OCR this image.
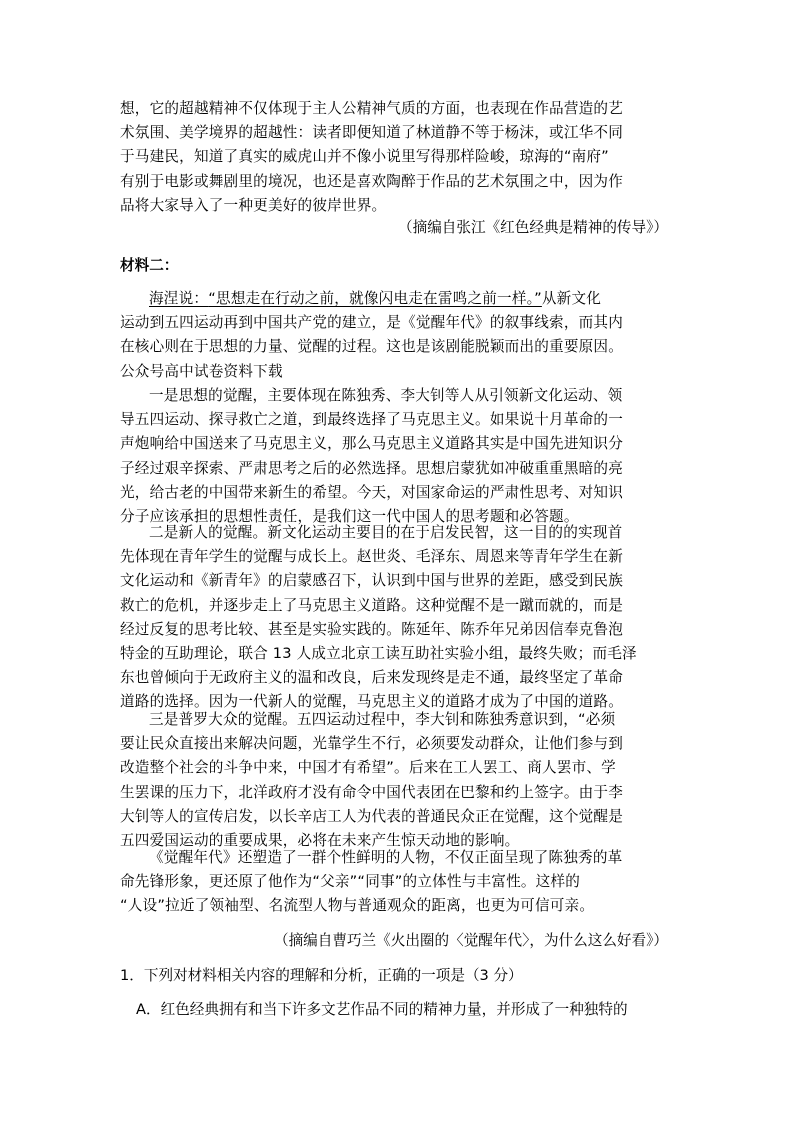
想，它的超越精神不仅体现于主人公精神气质的方面，也表现在作品营造的艺
术氛围、美学境界的超越性：读者即便知道了林道静不等于杨沫，或江华不同
于马建民，知道了真实的威虎山并不像小说里写得那样险峻，琼海的“南府”
有别于电影或舞剧里的境况，也还是喜欢陶醉于作品的艺术氛围之中，因为作
品将大家导入了一种更美好的彼岸世界。

（摘编自张江《红色经典是精神的传导》）
材料二：

海涅说：“思想走在行动之前，就像闪电走在雷鸣之前一样。”从新文化
运动到五四运动再到中国共产党的建立，是《觉醒年代》的叙事线索，而其内
在核心则在于思想的力量、觉醒的过程。这也是该剧能脱颖而出的重要原因。
公众号高中试卷资料下载

一是思想的觉醒，主要体现在陈独秀、李大钊等人从引领新文化运动、领
导五四运动、探寻救亡之道，到最终选择了马克思主义。如果说十月革命的一
声炮响给中国送来了马克思主义，那么马克思主义道路其实是中国先进知识分
子经过艰辛探索、严肃思考之后的必然选择。思想启蒙犹如冲破重重黑暗的亮
光，给古老的中国带来新生的希望。今天，对国家命运的严肃性思考、对知识
分子应该承担的思想性责任，是我们这一代中国人的思考题和必答题。

二是新人的觉醒。新文化运动主要目的在于启发民智，这一目的的实现首
先体现在青年学生的觉醒与成长上。赵世炎、毛泽东、周恩来等青年学生在新
文化运动和《新青年》的启蒙感召下，认识到中国与世界的差距，感受到民族
救亡的危机，并逐步走上了马克思主义道路。这种觉醒不是一蹴而就的，而是
经过反复的思考比较、甚至是实验实践的。陈延年、陈乔年兄弟因信奉克鲁泡
特金的互助理论，联合 13 人成立北京工读互助社实验小组，最终失败；而毛泽
东也曾倾向于无政府主义的温和改良，后来发现终是走不通，最终坚定了革命
道路的选择。因为一代新人的觉醒，马克思主义的道路才成为了中国的道路。

三是普罗大众的觉醒。五四运动过程中，李大钊和陈独秀意识到，“必须
要让民众直接出来解决问题，光靠学生不行，必须要发动群众，让他们参与到
改造整个社会的斗争中来，中国才有希望”。后来在工人罢工、商人罢市、学
生罢课的压力下，北洋政府才没有命令中国代表团在巴黎和约上签字。由于李
大钊等人的宣传启发，以长辛店工人为代表的普通民众正在觉醒，这个觉醒是
五四爱国运动的重要成果，必将在未来产生惊天动地的影响。

《觉醒年代》还塑造了一群个性鲜明的人物，不仅正面呈现了陈独秀的革
命先锋形象，更还原了他作为“父亲”“同事”的立体性与丰富性。这样的
“人设”拉近了领袖型、名流型人物与普通观众的距离，也更为可信可亲。

（摘编自曹巧兰《火出圈的〈觉醒年代〉，为什么这么好看》）
1．下列对材料相关内容的理解和分析，正确的一项是（3 分）
A．红色经典拥有和当下许多文艺作品不同的精神力量，并形成了一种独特的
